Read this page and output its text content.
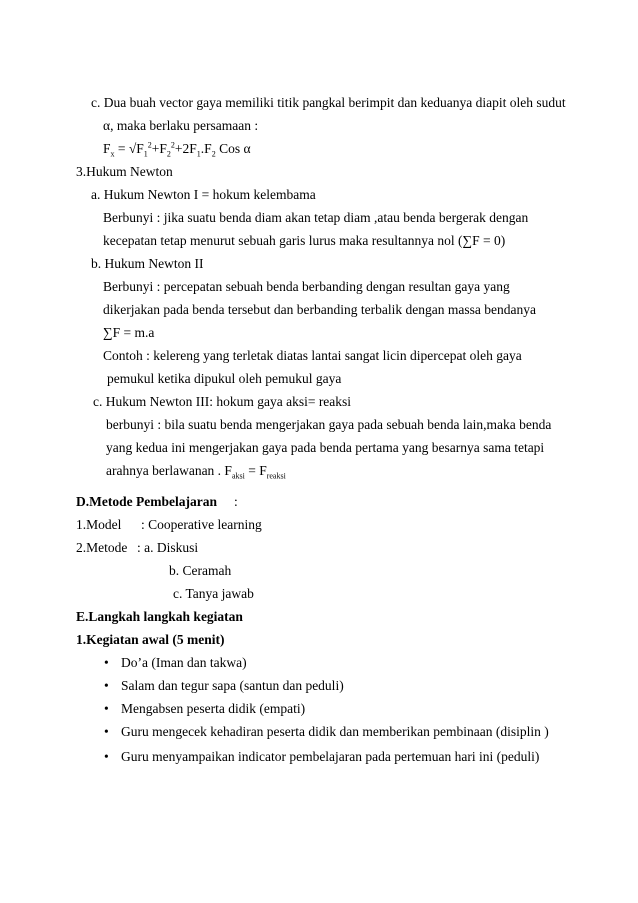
c. Dua buah vector gaya memiliki titik pangkal berimpit dan keduanya diapit oleh sudut
α, maka berlaku persamaan :
$F_x = √F_1^2+F_2^2+2F_1.F_2$ Cos α
3.Hukum Newton
a. Hukum Newton I = hokum kelembama
Berbunyi : jika suatu benda diam akan tetap diam ,atau benda bergerak dengan
kecepatan tetap menurut sebuah garis lurus maka resultannya nol (∑F = 0)
b. Hukum Newton II
Berbunyi : percepatan sebuah benda berbanding dengan resultan gaya yang
dikerjakan pada benda tersebut dan berbanding terbalik dengan massa bendanya
∑F = m.a
Contoh : kelereng yang terletak diatas lantai sangat licin dipercepat oleh gaya
pemukul ketika dipukul oleh pemukul gaya
c. Hukum Newton III: hokum gaya aksi= reaksi
berbunyi : bila suatu benda mengerjakan gaya pada sebuah benda lain,maka benda
yang kedua ini mengerjakan gaya pada benda pertama yang besarnya sama tetapi
arahnya berlawanan . $F_{aksi} = F_{reaksi}$
D.Metode Pembelajaran :
1.Model : Cooperative learning
2.Metode : a. Diskusi
b. Ceramah
c. Tanya jawab
E.Langkah langkah kegiatan
1.Kegiatan awal (5 menit)
• Do’a (Iman dan takwa)
• Salam dan tegur sapa (santun dan peduli)
• Mengabsen peserta didik (empati)
• Guru mengecek kehadiran peserta didik dan memberikan pembinaan (disiplin )
• Guru menyampaikan indicator pembelajaran pada pertemuan hari ini (peduli)
